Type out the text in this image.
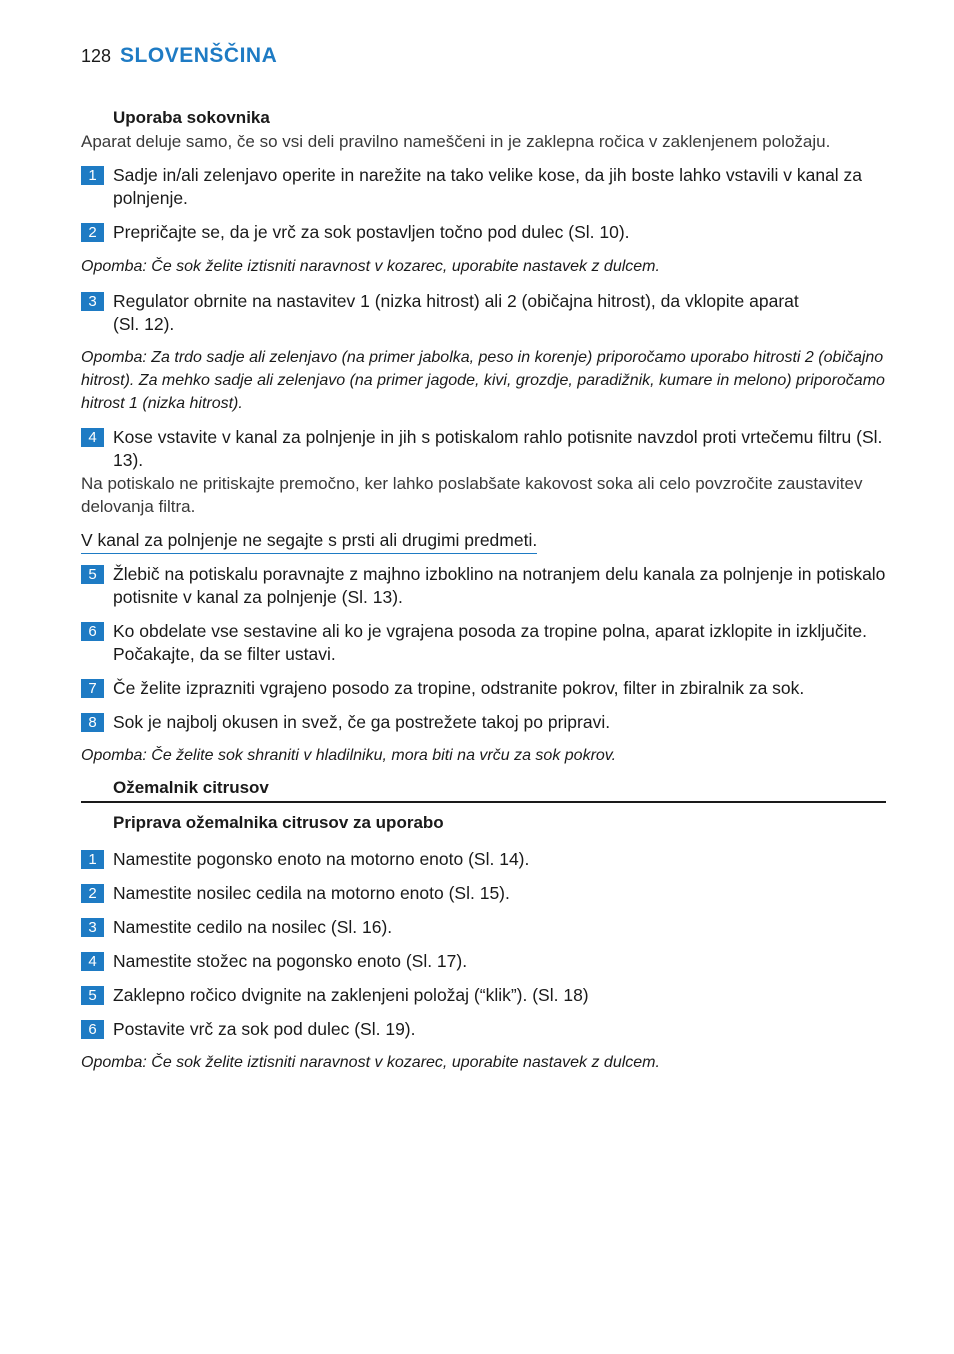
128 SLOVENŠČINA
Uporaba sokovnika
Aparat deluje samo, če so vsi deli pravilno nameščeni in je zaklepna ročica v zaklenjenem položaju.
1 Sadje in/ali zelenjavo operite in narežite na tako velike kose, da jih boste lahko vstavili v kanal za polnjenje.
2 Prepričajte se, da je vrč za sok postavljen točno pod dulec (Sl. 10).
Opomba: Če sok želite iztisniti naravnost v kozarec, uporabite nastavek z dulcem.
3 Regulator obrnite na nastavitev 1 (nizka hitrost) ali 2 (običajna hitrost), da vklopite aparat (Sl. 12).
Opomba: Za trdo sadje ali zelenjavo (na primer jabolka, peso in korenje) priporočamo uporabo hitrosti 2 (običajno hitrost). Za mehko sadje ali zelenjavo (na primer jagode, kivi, grozdje, paradižnik, kumare in melono) priporočamo hitrost 1 (nizka hitrost).
4 Kose vstavite v kanal za polnjenje in jih s potiskalom rahlo potisnite navzdol proti vrtečemu filtru (Sl. 13).
Na potiskalo ne pritiskajte premočno, ker lahko poslabšate kakovost soka ali celo povzročite zaustavitev delovanja filtra.
V kanal za polnjenje ne segajte s prsti ali drugimi predmeti.
5 Žlebič na potiskalu poravnajte z majhno izboklino na notranjem delu kanala za polnjenje in potiskalo potisnite v kanal za polnjenje (Sl. 13).
6 Ko obdelate vse sestavine ali ko je vgrajena posoda za tropine polna, aparat izklopite in izključite. Počakajte, da se filter ustavi.
7 Če želite izprazniti vgrajeno posodo za tropine, odstranite pokrov, filter in zbiralnik za sok.
8 Sok je najbolj okusen in svež, če ga postrežete takoj po pripravi.
Opomba: Če želite sok shraniti v hladilniku, mora biti na vrču za sok pokrov.
Ožemalnik citrusov
Priprava ožemalnika citrusov za uporabo
1 Namestite pogonsko enoto na motorno enoto (Sl. 14).
2 Namestite nosilec cedila na motorno enoto (Sl. 15).
3 Namestite cedilo na nosilec (Sl. 16).
4 Namestite stožec na pogonsko enoto (Sl. 17).
5 Zaklepno ročico dvignite na zaklenjeni položaj (“klik”). (Sl. 18)
6 Postavite vrč za sok pod dulec (Sl. 19).
Opomba: Če sok želite iztisniti naravnost v kozarec, uporabite nastavek z dulcem.
